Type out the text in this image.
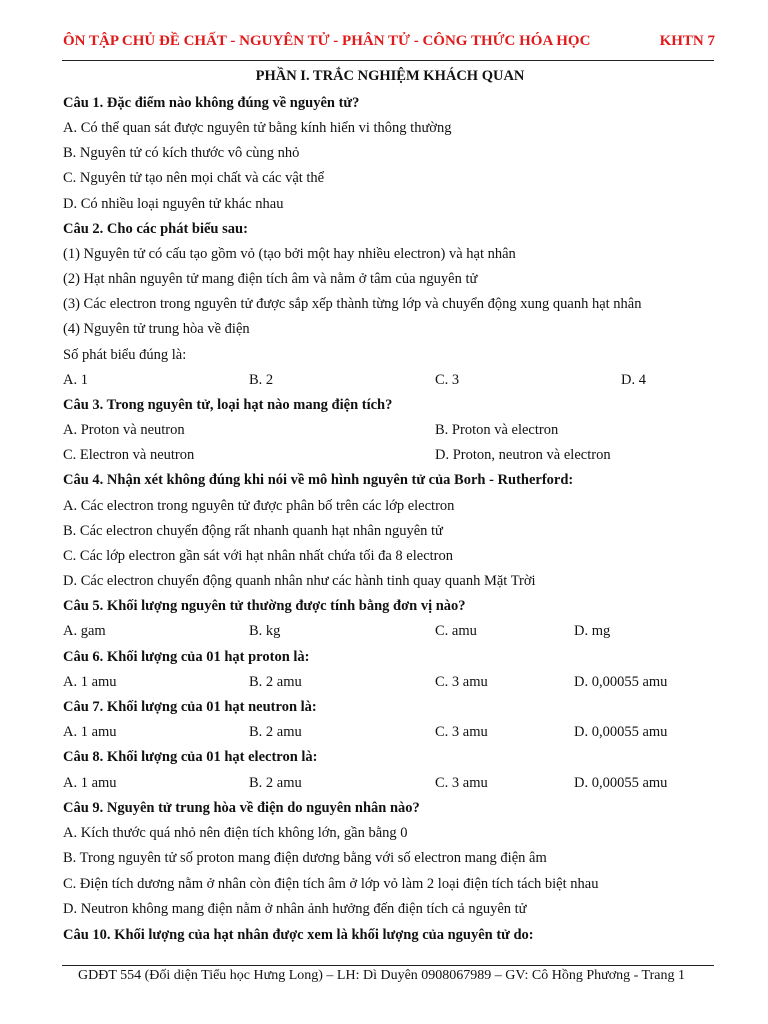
ÔN TẬP CHỦ ĐỀ CHẤT - NGUYÊN TỬ - PHÂN TỬ - CÔNG THỨC HÓA HỌC	KHTN 7
PHẦN I. TRẮC NGHIỆM KHÁCH QUAN
Câu 1. Đặc điểm nào không đúng về nguyên tử?
A. Có thể quan sát được nguyên tử bằng kính hiển vi thông thường
B. Nguyên tử có kích thước vô cùng nhỏ
C. Nguyên tử tạo nên mọi chất và các vật thể
D. Có nhiều loại nguyên tử khác nhau
Câu 2. Cho các phát biểu sau:
(1) Nguyên tử có cấu tạo gồm vỏ (tạo bởi một hay nhiều electron) và hạt nhân
(2) Hạt nhân nguyên tử mang điện tích âm và nằm ở tâm của nguyên tử
(3) Các electron trong nguyên tử được sắp xếp thành từng lớp và chuyển động xung quanh hạt nhân
(4) Nguyên tử trung hòa về điện
Số phát biểu đúng là:
A. 1	B. 2	C. 3	D. 4
Câu 3. Trong nguyên tử, loại hạt nào mang điện tích?
A. Proton và neutron	B. Proton và electron
C. Electron và neutron	D. Proton, neutron và electron
Câu 4. Nhận xét không đúng khi nói về mô hình nguyên tử của Borh - Rutherford:
A. Các electron trong nguyên tử được phân bố trên các lớp electron
B. Các electron chuyển động rất nhanh quanh hạt nhân nguyên tử
C. Các lớp electron gần sát với hạt nhân nhất chứa tối đa 8 electron
D. Các electron chuyển động quanh nhân như các hành tinh quay quanh Mặt Trời
Câu 5. Khối lượng nguyên tử thường được tính bằng đơn vị nào?
A. gam	B. kg	C. amu	D. mg
Câu 6. Khối lượng của 01 hạt proton là:
A. 1 amu	B. 2 amu	C. 3 amu	D. 0,00055 amu
Câu 7. Khối lượng của 01 hạt neutron là:
A. 1 amu	B. 2 amu	C. 3 amu	D. 0,00055 amu
Câu 8. Khối lượng của 01 hạt electron là:
A. 1 amu	B. 2 amu	C. 3 amu	D. 0,00055 amu
Câu 9. Nguyên tử trung hòa về điện do nguyên nhân nào?
A. Kích thước quá nhỏ nên điện tích không lớn, gần bằng 0
B. Trong nguyên tử số proton mang điện dương bằng với số electron mang điện âm
C. Điện tích dương nằm ở nhân còn điện tích âm ở lớp vỏ làm 2 loại điện tích tách biệt nhau
D. Neutron không mang điện nằm ở nhân ảnh hưởng đến điện tích cả nguyên tử
Câu 10. Khối lượng của hạt nhân được xem là khối lượng của nguyên tử do:
GDĐT 554 (Đối diện Tiểu học Hưng Long) – LH: Dì Duyên 0908067989 – GV: Cô Hồng Phương - Trang 1
